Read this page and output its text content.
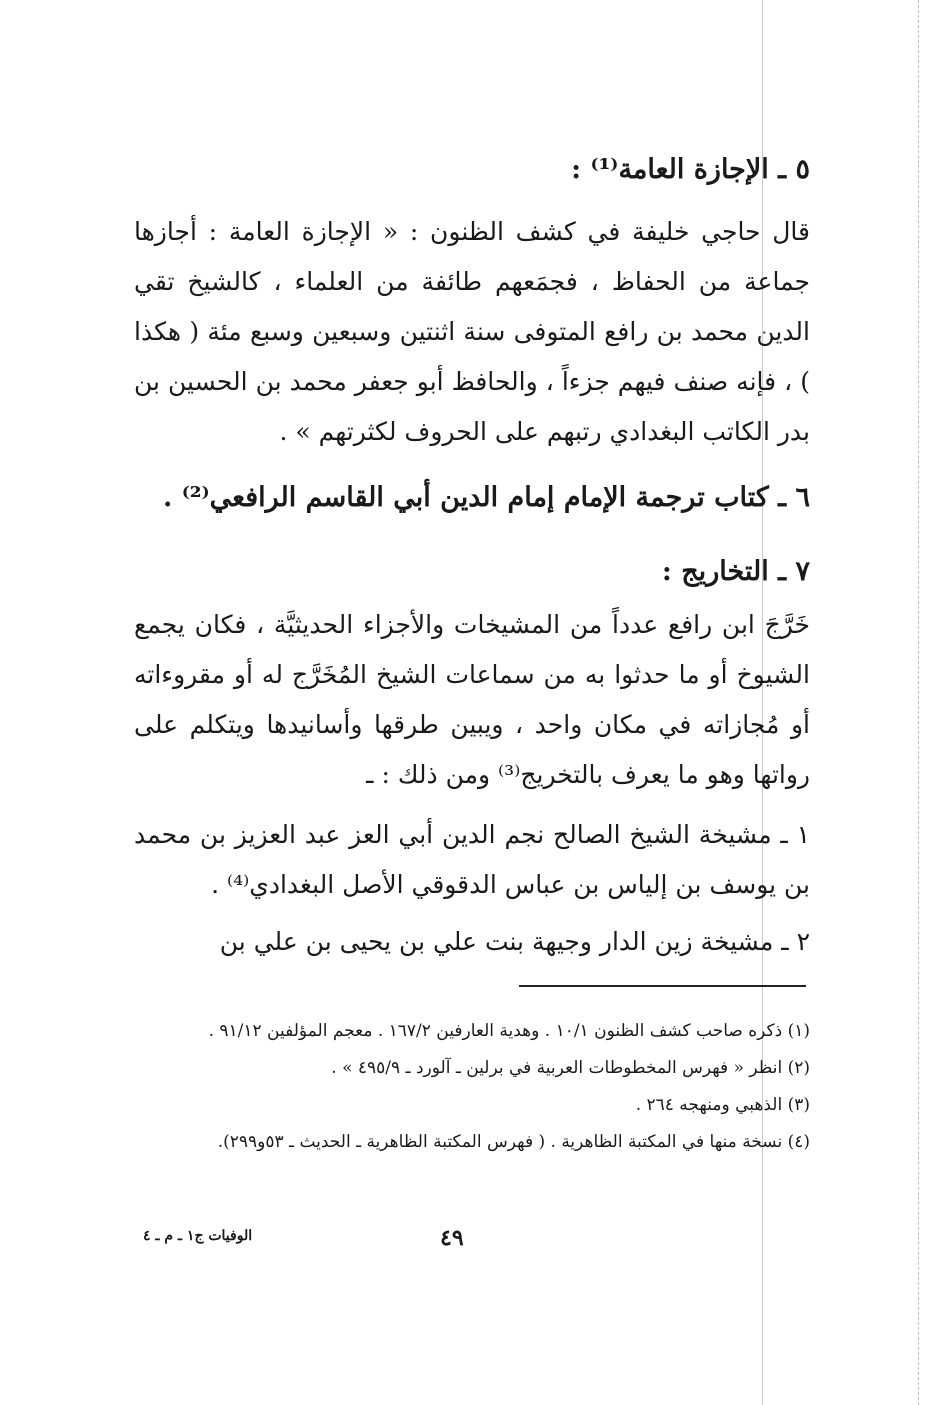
٥ ـ الإجازة العامة⁽¹⁾ :

قال حاجي خليفة في كشف الظنون : « الإجازة العامة : أجازها جماعة من الحفاظ ، فجمَعهم طائفة من العلماء ، كالشيخ تقي الدين محمد بن رافع المتوفى سنة اثنتين وسبعين وسبع مئة ( هكذا ) ، فإنه صنف فيهم جزءاً ، والحافظ أبو جعفر محمد بن الحسين بن بدر الكاتب البغدادي رتبهم على الحروف لكثرتهم » .

٦ ـ كتاب ترجمة الإمام إمام الدين أبي القاسم الرافعي⁽²⁾ .
٧ ـ التخاريج :

خَرَّجَ ابن رافع عدداً من المشيخات والأجزاء الحديثيَّة ، فكان يجمع الشيوخ أو ما حدثوا به من سماعات الشيخ المُخَرَّج له أو مقروءاته أو مُجازاته في مكان واحد ، ويبين طرقها وأسانيدها ويتكلم على رواتها وهو ما يعرف بالتخريج⁽³⁾ ومن ذلك : ـ

١ ـ مشيخة الشيخ الصالح نجم الدين أبي العز عبد العزيز بن محمد بن يوسف بن إلياس بن عباس الدقوقي الأصل البغدادي⁽⁴⁾ .

٢ ـ مشيخة زين الدار وجيهة بنت علي بن يحيى بن علي بن

(١) ذكره صاحب كشف الظنون ١٠/١ . وهدية العارفين ١٦٧/٢ . معجم المؤلفين ٩١/١٢ .

(٢) انظر « فهرس المخطوطات العربية في برلين ـ آلورد ـ ٤٩٥/٩ » .

(٣) الذهبي ومنهجه ٢٦٤ .

(٤) نسخة منها في المكتبة الظاهرية . ( فهرس المكتبة الظاهرية ـ الحديث ـ ٥٣و٢٩٩).

الوفيات ج١ ـ م ـ ٤	٤٩
